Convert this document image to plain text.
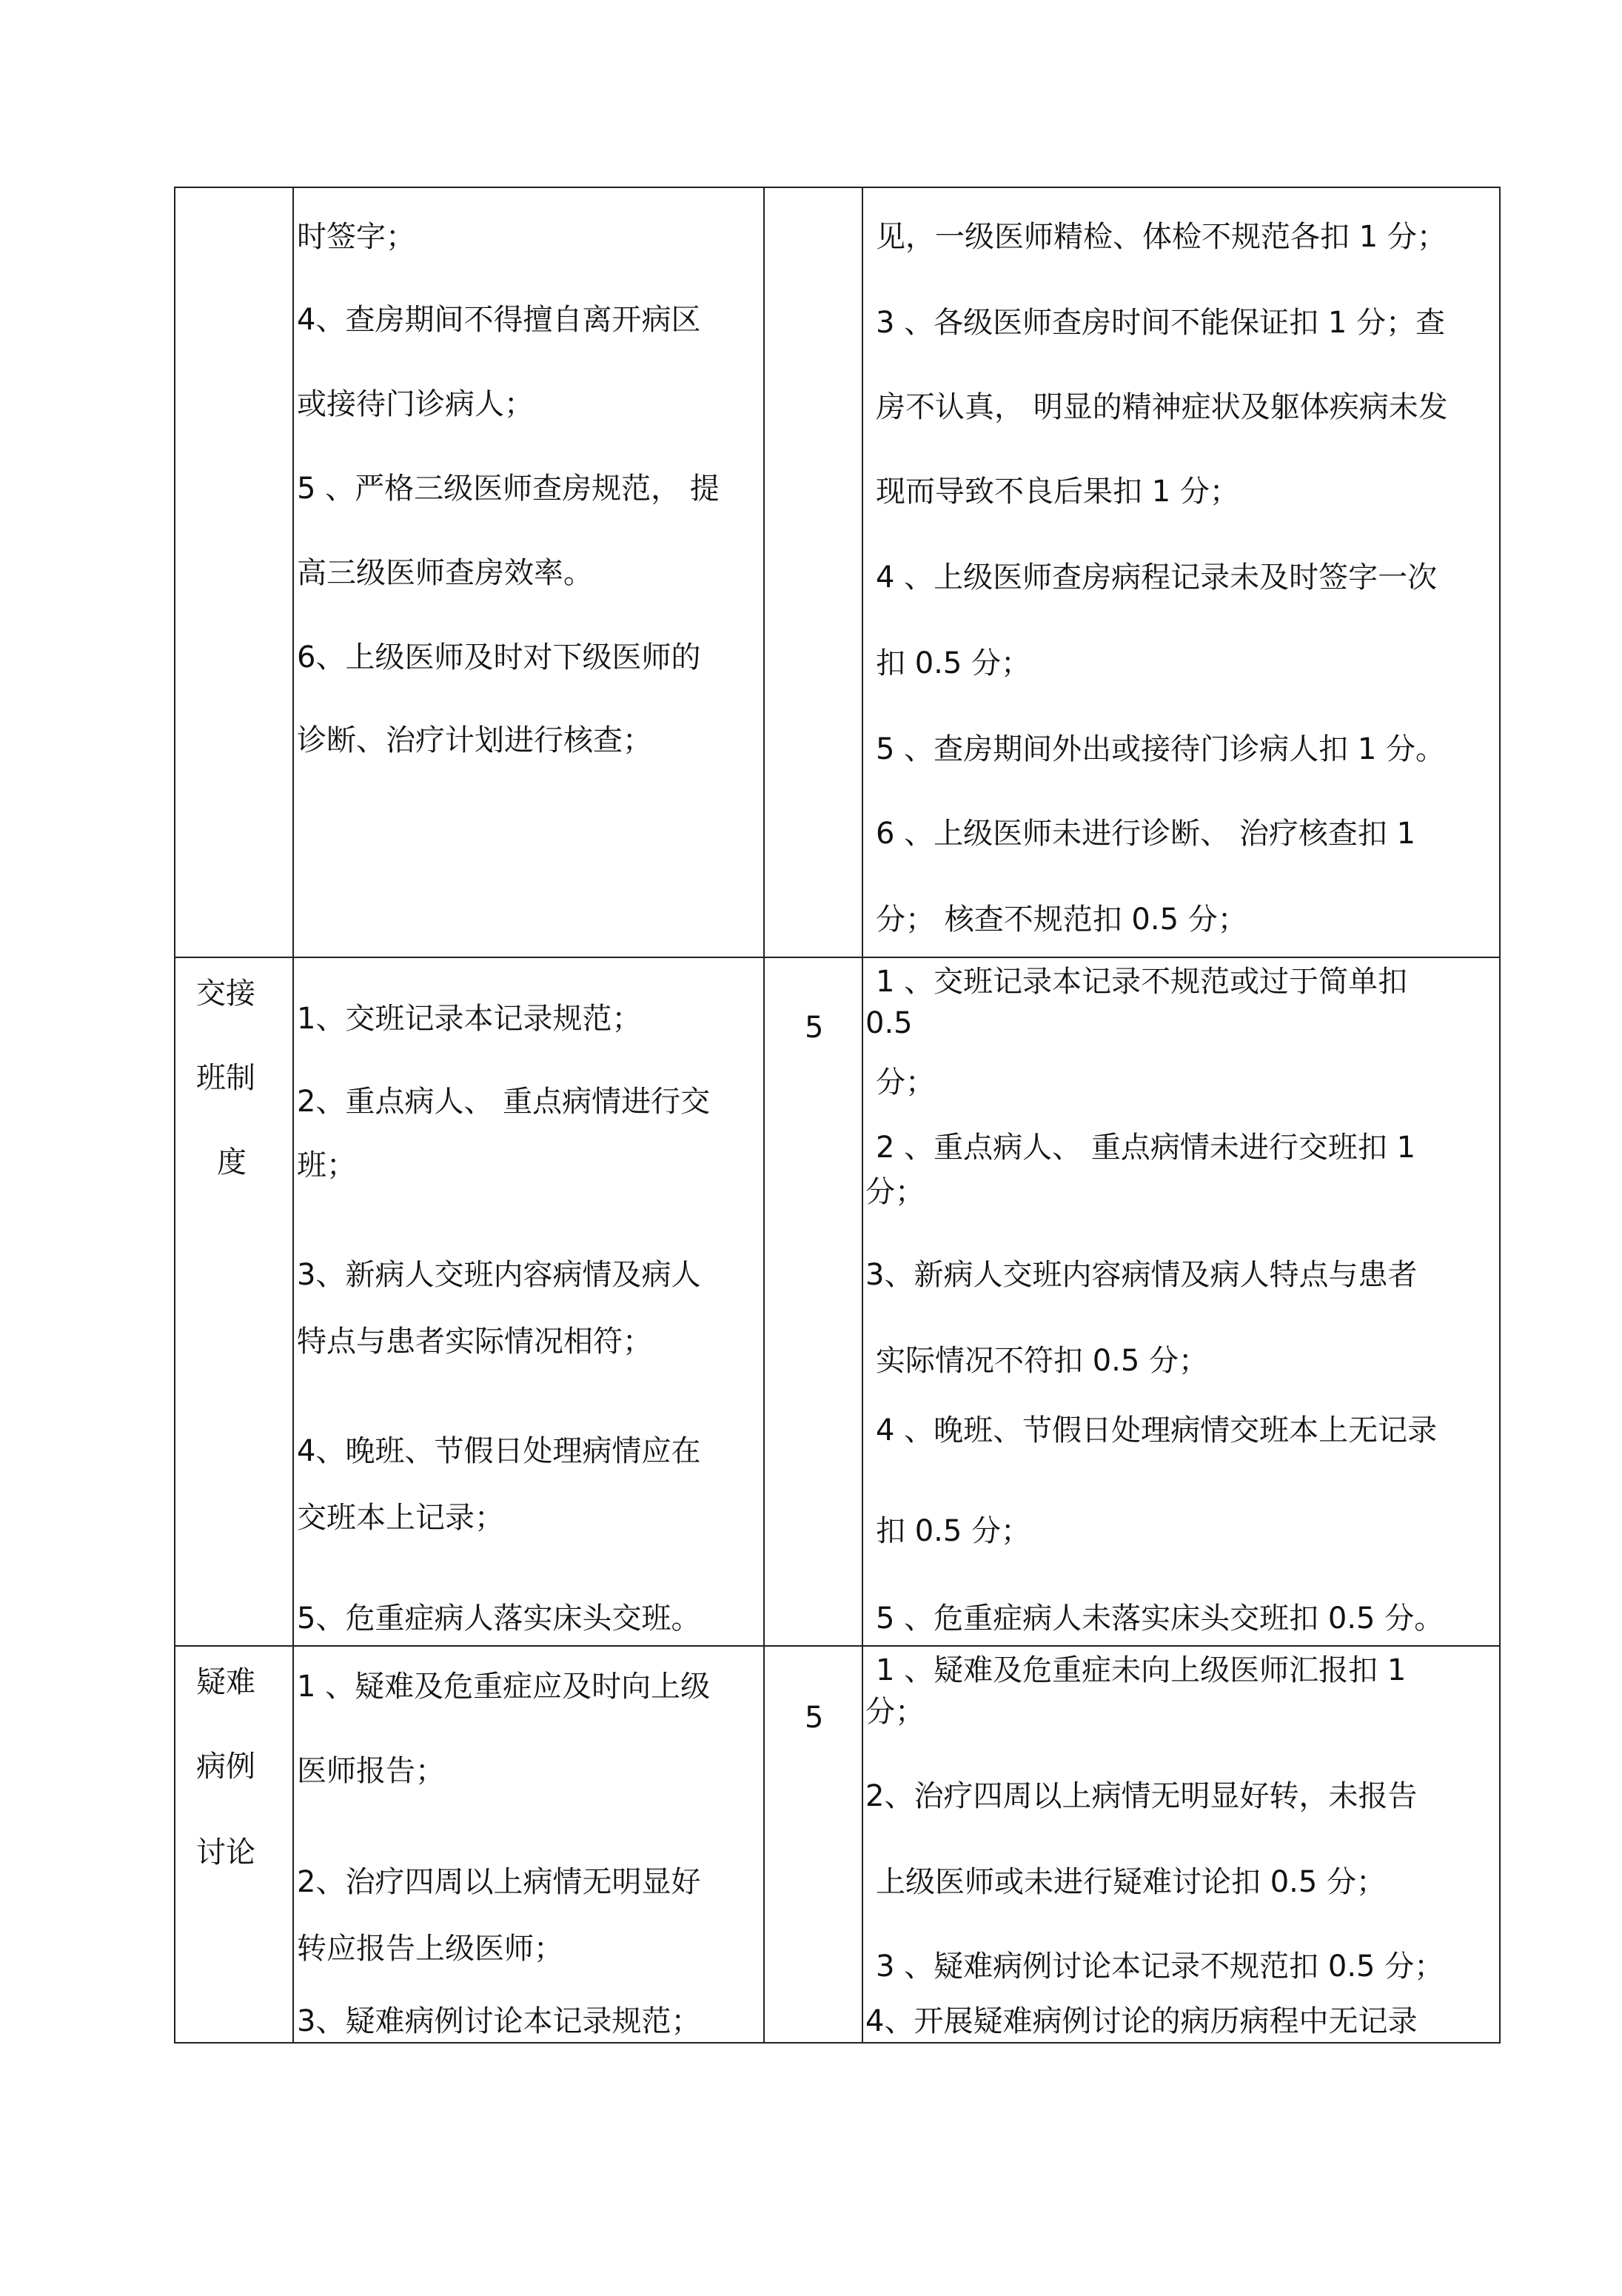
时签字；
4、查房期间不得擅自离开病区
或接待门诊病人；
5 、严格三级医师查房规范， 提
高三级医师查房效率。
6、上级医师及时对下级医师的
诊断、治疗计划进行核查；
见，一级医师精检、体检不规范各扣 1 分；
3 、各级医师查房时间不能保证扣 1 分；查
房不认真， 明显的精神症状及躯体疾病未发
现而导致不良后果扣 1 分；
4 、上级医师查房病程记录未及时签字一次
扣 0.5 分；
5 、查房期间外出或接待门诊病人扣 1 分。
6 、上级医师未进行诊断、 治疗核查扣 1
分； 核查不规范扣 0.5 分；
交接
班制
度
5
1、交班记录本记录规范；
2、重点病人、 重点病情进行交
班；
3、新病人交班内容病情及病人
特点与患者实际情况相符；
4、晚班、节假日处理病情应在
交班本上记录；
5、危重症病人落实床头交班。
1 、交班记录本记录不规范或过于简单扣
0.5
分；
2 、重点病人、 重点病情未进行交班扣 1
分；
3、新病人交班内容病情及病人特点与患者
实际情况不符扣 0.5 分；
4 、晚班、节假日处理病情交班本上无记录
扣 0.5 分；
5 、危重症病人未落实床头交班扣 0.5 分。
疑难
病例
讨论
5
1 、疑难及危重症应及时向上级
医师报告；
2、治疗四周以上病情无明显好
转应报告上级医师；
3、疑难病例讨论本记录规范；
1 、疑难及危重症未向上级医师汇报扣 1
分；
2、治疗四周以上病情无明显好转，未报告
上级医师或未进行疑难讨论扣 0.5 分；
3 、疑难病例讨论本记录不规范扣 0.5 分；
4、开展疑难病例讨论的病历病程中无记录
